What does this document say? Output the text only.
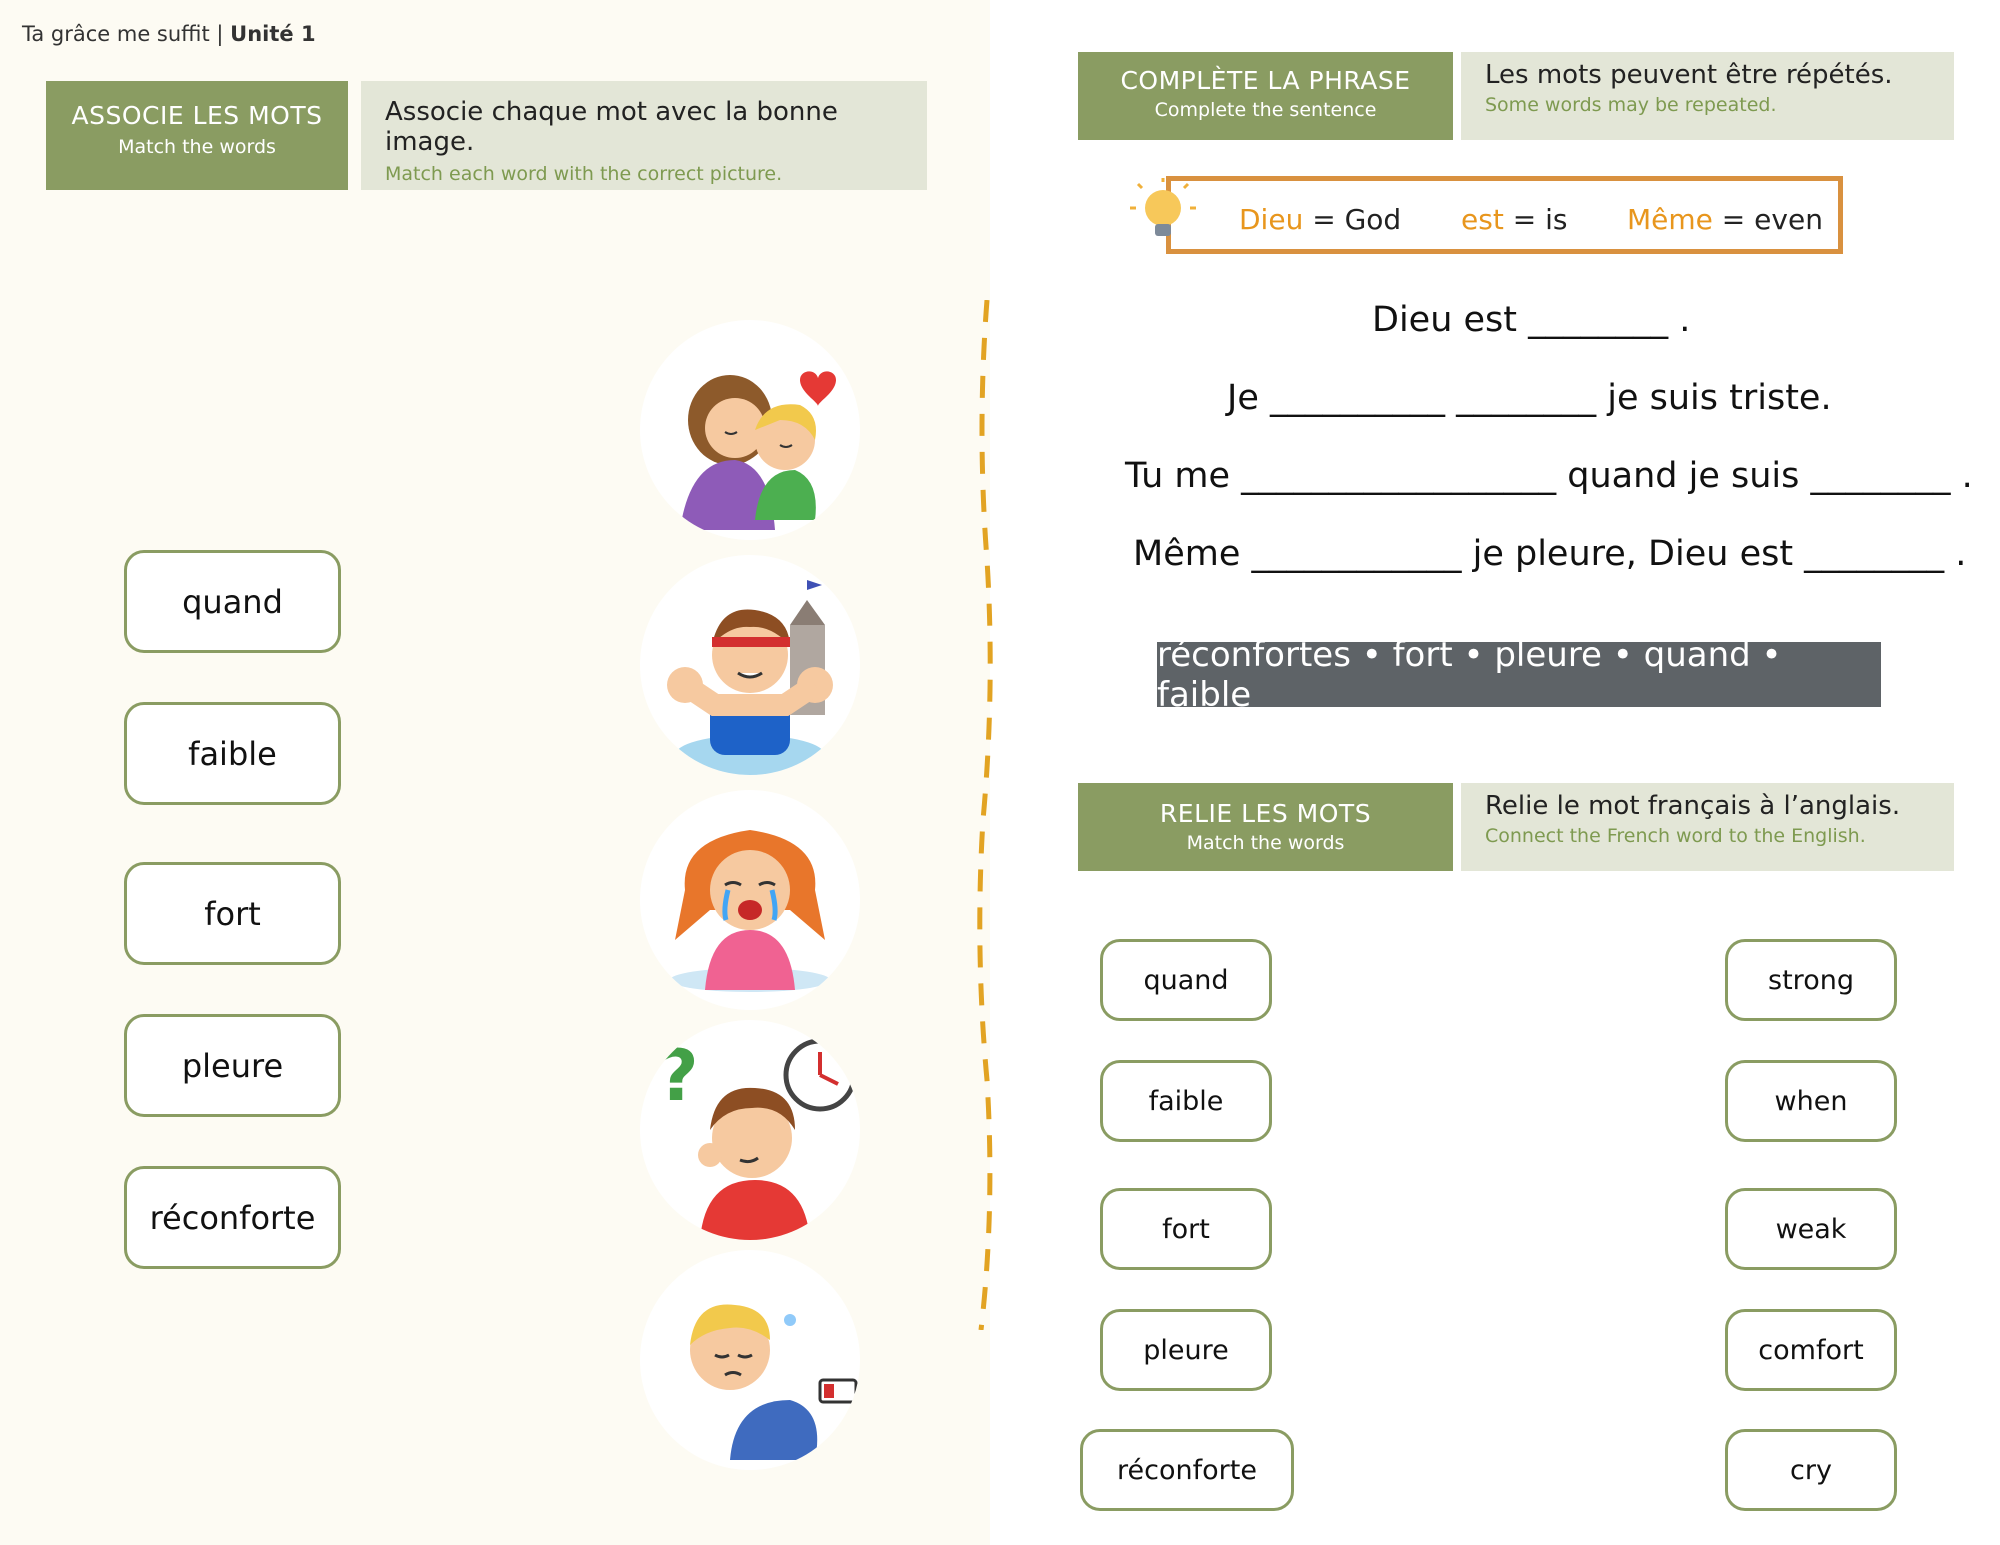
Ta grâce me suffit | Unité 1
ASSOCIE LES MOTS
Match the words
Associe chaque mot avec la bonne image.
Match each word with the correct picture.
quand
faible
fort
pleure
réconforte
?
COMPLÈTE LA PHRASE
Complete the sentence
Les mots peuvent être répétés.
Some words may be repeated.
Dieu = God est = is Même = even
Dieu est ________ .
Je __________ ________ je suis triste.
Tu me __________________ quand je suis ________ .
Même ____________ je pleure, Dieu est ________ .
réconfortes • fort • pleure • quand • faible
RELIE LES MOTS
Match the words
Relie le mot français à l’anglais.
Connect the French word to the English.
quand
faible
fort
pleure
réconforte
strong
when
weak
comfort
cry
